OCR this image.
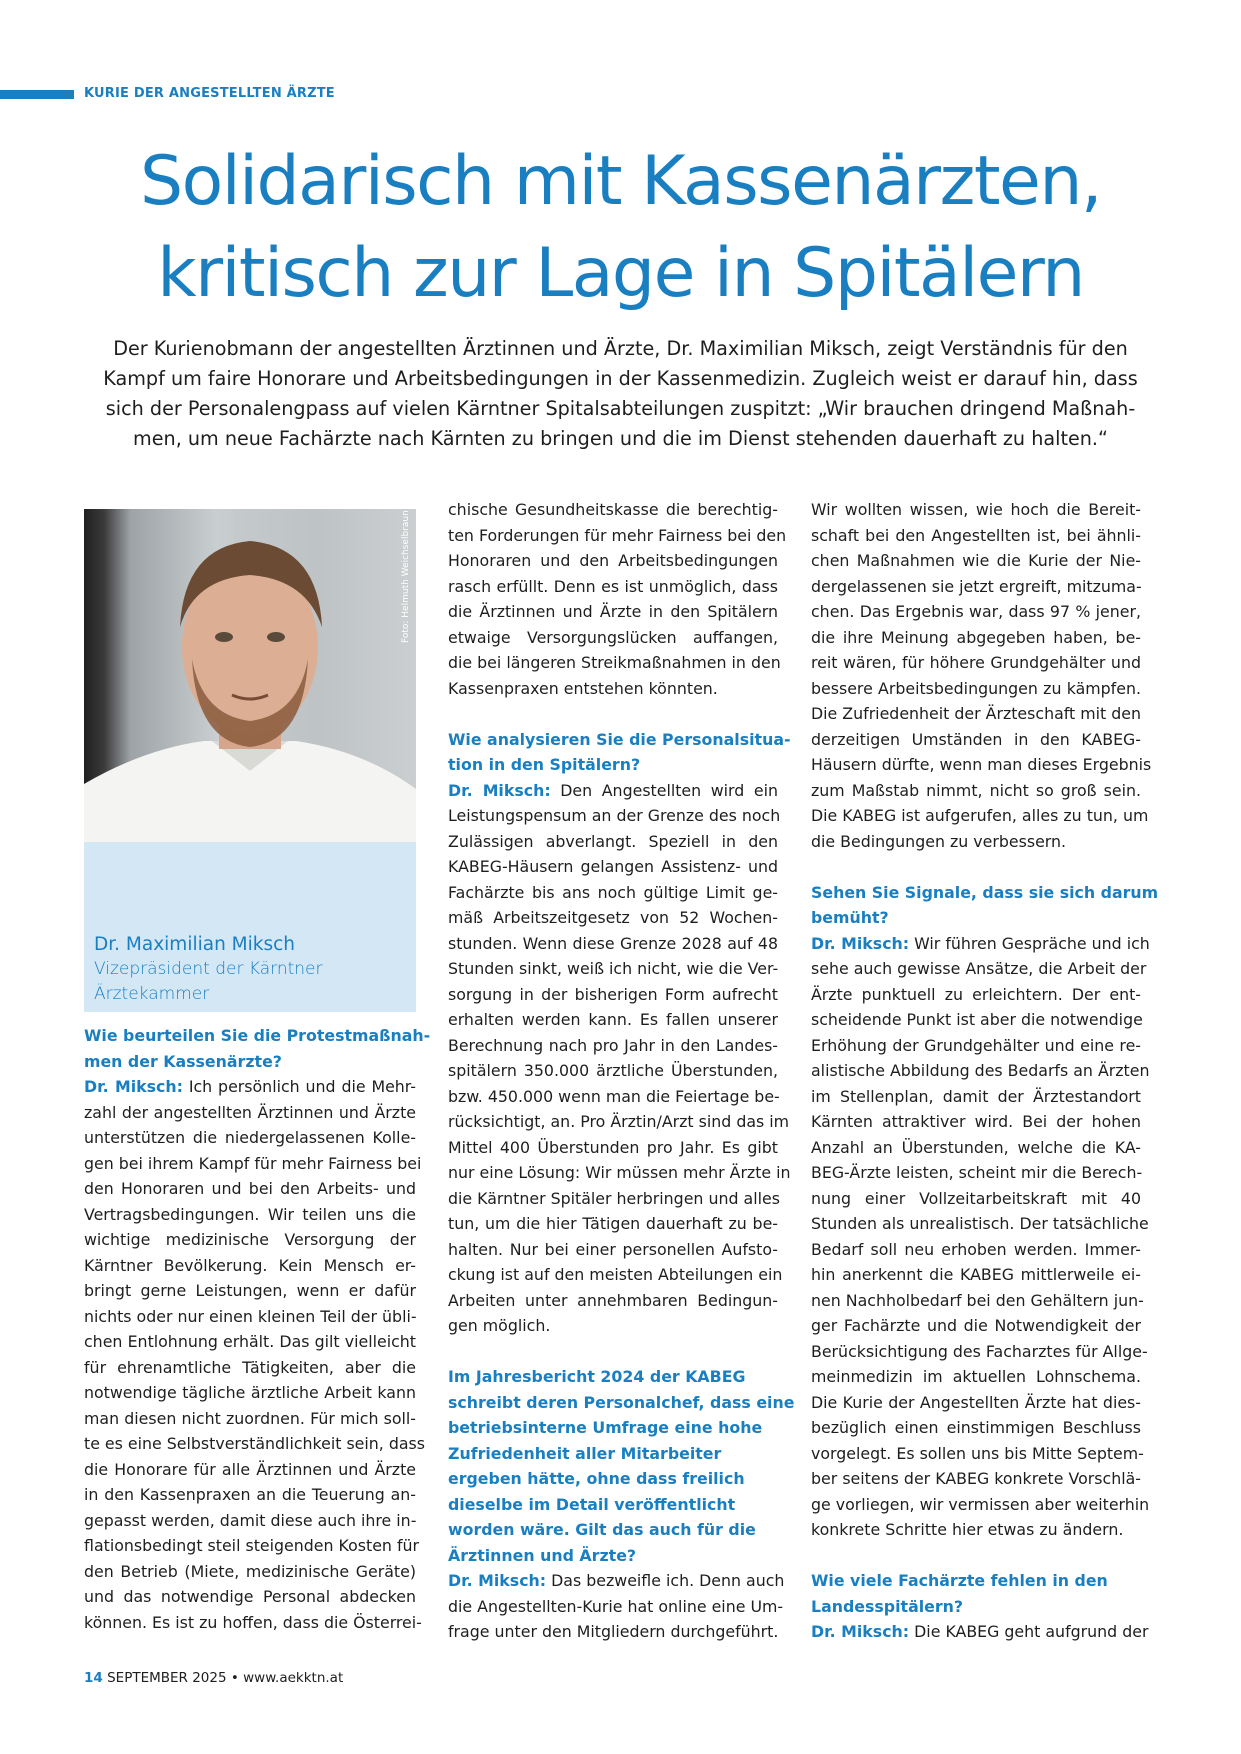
KURIE DER ANGESTELLTEN ÄRZTE
Solidarisch mit Kassenärzten,
kritisch zur Lage in Spitälern

Der Kurienobmann der angestellten Ärztinnen und Ärzte, Dr. Maximilian Miksch, zeigt Verständnis für den
Kampf um faire Honorare und Arbeitsbedingungen in der Kassenmedizin. Zugleich weist er darauf hin, dass
sich der Personalengpass auf vielen Kärntner Spitalsabteilungen zuspitzt: „Wir brauchen dringend Maßnah-
men, um neue Fachärzte nach Kärnten zu bringen und die im Dienst stehenden dauerhaft zu halten.“

Foto: Helmuth Weichselbraun
Dr. Maximilian Miksch
Vizepräsident der Kärntner
Ärztekammer
Wie beurteilen Sie die Protestmaßnah-
men der Kassenärzte?
Dr. Miksch: Ich persönlich und die Mehr-
zahl der angestellten Ärztinnen und Ärzte
unterstützen die niedergelassenen Kolle-
gen bei ihrem Kampf für mehr Fairness bei
den Honoraren und bei den Arbeits- und
Vertragsbedingungen. Wir teilen uns die
wichtige medizinische Versorgung der
Kärntner Bevölkerung. Kein Mensch er-
bringt gerne Leistungen, wenn er dafür
nichts oder nur einen kleinen Teil der übli-
chen Entlohnung erhält. Das gilt vielleicht
für ehrenamtliche Tätigkeiten, aber die
notwendige tägliche ärztliche Arbeit kann
man diesen nicht zuordnen. Für mich soll-
te es eine Selbstverständlichkeit sein, dass
die Honorare für alle Ärztinnen und Ärzte
in den Kassenpraxen an die Teuerung an-
gepasst werden, damit diese auch ihre in-
flationsbedingt steil steigenden Kosten für
den Betrieb (Miete, medizinische Geräte)
und das notwendige Personal abdecken
können. Es ist zu hoffen, dass die Österrei-
chische Gesundheitskasse die berechtig-
ten Forderungen für mehr Fairness bei den
Honoraren und den Arbeitsbedingungen
rasch erfüllt. Denn es ist unmöglich, dass
die Ärztinnen und Ärzte in den Spitälern
etwaige Versorgungslücken auffangen,
die bei längeren Streikmaßnahmen in den
Kassenpraxen entstehen könnten.
Wie analysieren Sie die Personalsitua-
tion in den Spitälern?
Dr. Miksch: Den Angestellten wird ein
Leistungspensum an der Grenze des noch
Zulässigen abverlangt. Speziell in den
KABEG-Häusern gelangen Assistenz- und
Fachärzte bis ans noch gültige Limit ge-
mäß Arbeitszeitgesetz von 52 Wochen-
stunden. Wenn diese Grenze 2028 auf 48
Stunden sinkt, weiß ich nicht, wie die Ver-
sorgung in der bisherigen Form aufrecht
erhalten werden kann. Es fallen unserer
Berechnung nach pro Jahr in den Landes-
spitälern 350.000 ärztliche Überstunden,
bzw. 450.000 wenn man die Feiertage be-
rücksichtigt, an. Pro Ärztin/Arzt sind das im
Mittel 400 Überstunden pro Jahr. Es gibt
nur eine Lösung: Wir müssen mehr Ärzte in
die Kärntner Spitäler herbringen und alles
tun, um die hier Tätigen dauerhaft zu be-
halten. Nur bei einer personellen Aufsto-
ckung ist auf den meisten Abteilungen ein
Arbeiten unter annehmbaren Bedingun-
gen möglich.
Im Jahresbericht 2024 der KABEG
schreibt deren Personalchef, dass eine
betriebsinterne Umfrage eine hohe
Zufriedenheit aller Mitarbeiter
ergeben hätte, ohne dass freilich
dieselbe im Detail veröffentlicht
worden wäre. Gilt das auch für die
Ärztinnen und Ärzte?
Dr. Miksch: Das bezweifle ich. Denn auch
die Angestellten-Kurie hat online eine Um-
frage unter den Mitgliedern durchgeführt.
Wir wollten wissen, wie hoch die Bereit-
schaft bei den Angestellten ist, bei ähnli-
chen Maßnahmen wie die Kurie der Nie-
dergelassenen sie jetzt ergreift, mitzuma-
chen. Das Ergebnis war, dass 97 % jener,
die ihre Meinung abgegeben haben, be-
reit wären, für höhere Grundgehälter und
bessere Arbeitsbedingungen zu kämpfen.
Die Zufriedenheit der Ärzteschaft mit den
derzeitigen Umständen in den KABEG-
Häusern dürfte, wenn man dieses Ergebnis
zum Maßstab nimmt, nicht so groß sein.
Die KABEG ist aufgerufen, alles zu tun, um
die Bedingungen zu verbessern.
Sehen Sie Signale, dass sie sich darum
bemüht?
Dr. Miksch: Wir führen Gespräche und ich
sehe auch gewisse Ansätze, die Arbeit der
Ärzte punktuell zu erleichtern. Der ent-
scheidende Punkt ist aber die notwendige
Erhöhung der Grundgehälter und eine re-
alistische Abbildung des Bedarfs an Ärzten
im Stellenplan, damit der Ärztestandort
Kärnten attraktiver wird. Bei der hohen
Anzahl an Überstunden, welche die KA-
BEG-Ärzte leisten, scheint mir die Berech-
nung einer Vollzeitarbeitskraft mit 40
Stunden als unrealistisch. Der tatsächliche
Bedarf soll neu erhoben werden. Immer-
hin anerkennt die KABEG mittlerweile ei-
nen Nachholbedarf bei den Gehältern jun-
ger Fachärzte und die Notwendigkeit der
Berücksichtigung des Facharztes für Allge-
meinmedizin im aktuellen Lohnschema.
Die Kurie der Angestellten Ärzte hat dies-
bezüglich einen einstimmigen Beschluss
vorgelegt. Es sollen uns bis Mitte Septem-
ber seitens der KABEG konkrete Vorschlä-
ge vorliegen, wir vermissen aber weiterhin
konkrete Schritte hier etwas zu ändern.
Wie viele Fachärzte fehlen in den
Landesspitälern?
Dr. Miksch: Die KABEG geht aufgrund der
14 SEPTEMBER 2025 • www.aekktn.at
